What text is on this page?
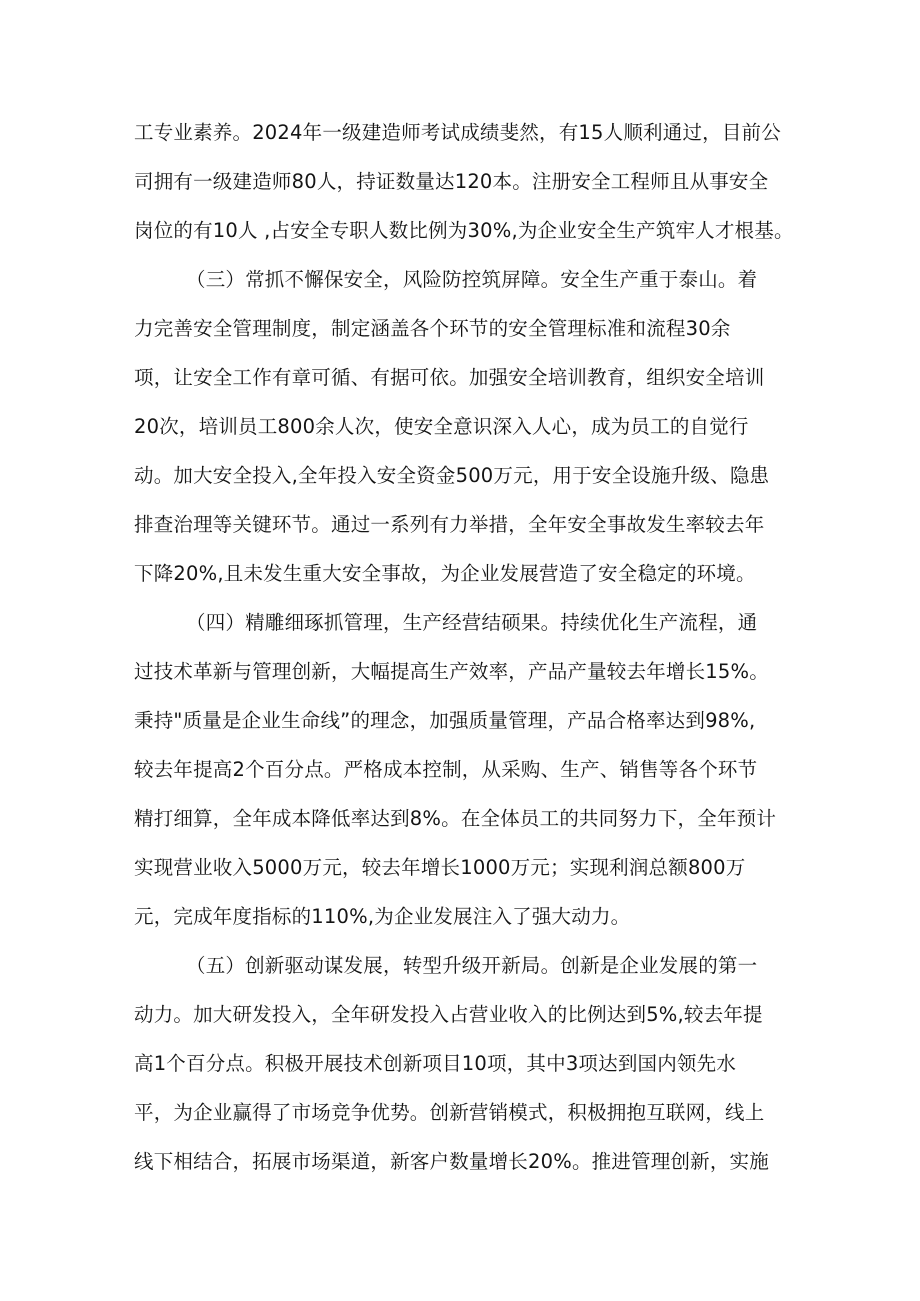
工专业素养。2024年一级建造师考试成绩斐然，有15人顺利通过，目前公
司拥有一级建造师80人，持证数量达120本。注册安全工程师且从事安全
岗位的有10人 ,占安全专职人数比例为30%,为企业安全生产筑牢人才根基。
（三）常抓不懈保安全，风险防控筑屏障。安全生产重于泰山。着
力完善安全管理制度，制定涵盖各个环节的安全管理标准和流程30余
项，让安全工作有章可循、有据可依。加强安全培训教育，组织安全培训
20次，培训员工800余人次，使安全意识深入人心，成为员工的自觉行
动。加大安全投入,全年投入安全资金500万元，用于安全设施升级、隐患
排查治理等关键环节。通过一系列有力举措，全年安全事故发生率较去年
下降20%,且未发生重大安全事故，为企业发展营造了安全稳定的环境。
（四）精雕细琢抓管理，生产经营结硕果。持续优化生产流程，通
过技术革新与管理创新，大幅提高生产效率，产品产量较去年增长15%。
秉持"质量是企业生命线”的理念，加强质量管理，产品合格率达到98%,
较去年提高2个百分点。严格成本控制，从采购、生产、销售等各个环节
精打细算，全年成本降低率达到8%。在全体员工的共同努力下，全年预计
实现营业收入5000万元，较去年增长1000万元；实现利润总额800万
元，完成年度指标的110%,为企业发展注入了强大动力。
（五）创新驱动谋发展，转型升级开新局。创新是企业发展的第一
动力。加大研发投入，全年研发投入占营业收入的比例达到5%,较去年提
高1个百分点。积极开展技术创新项目10项，其中3项达到国内领先水
平，为企业赢得了市场竞争优势。创新营销模式，积极拥抱互联网，线上
线下相结合，拓展市场渠道，新客户数量增长20%。推进管理创新，实施
